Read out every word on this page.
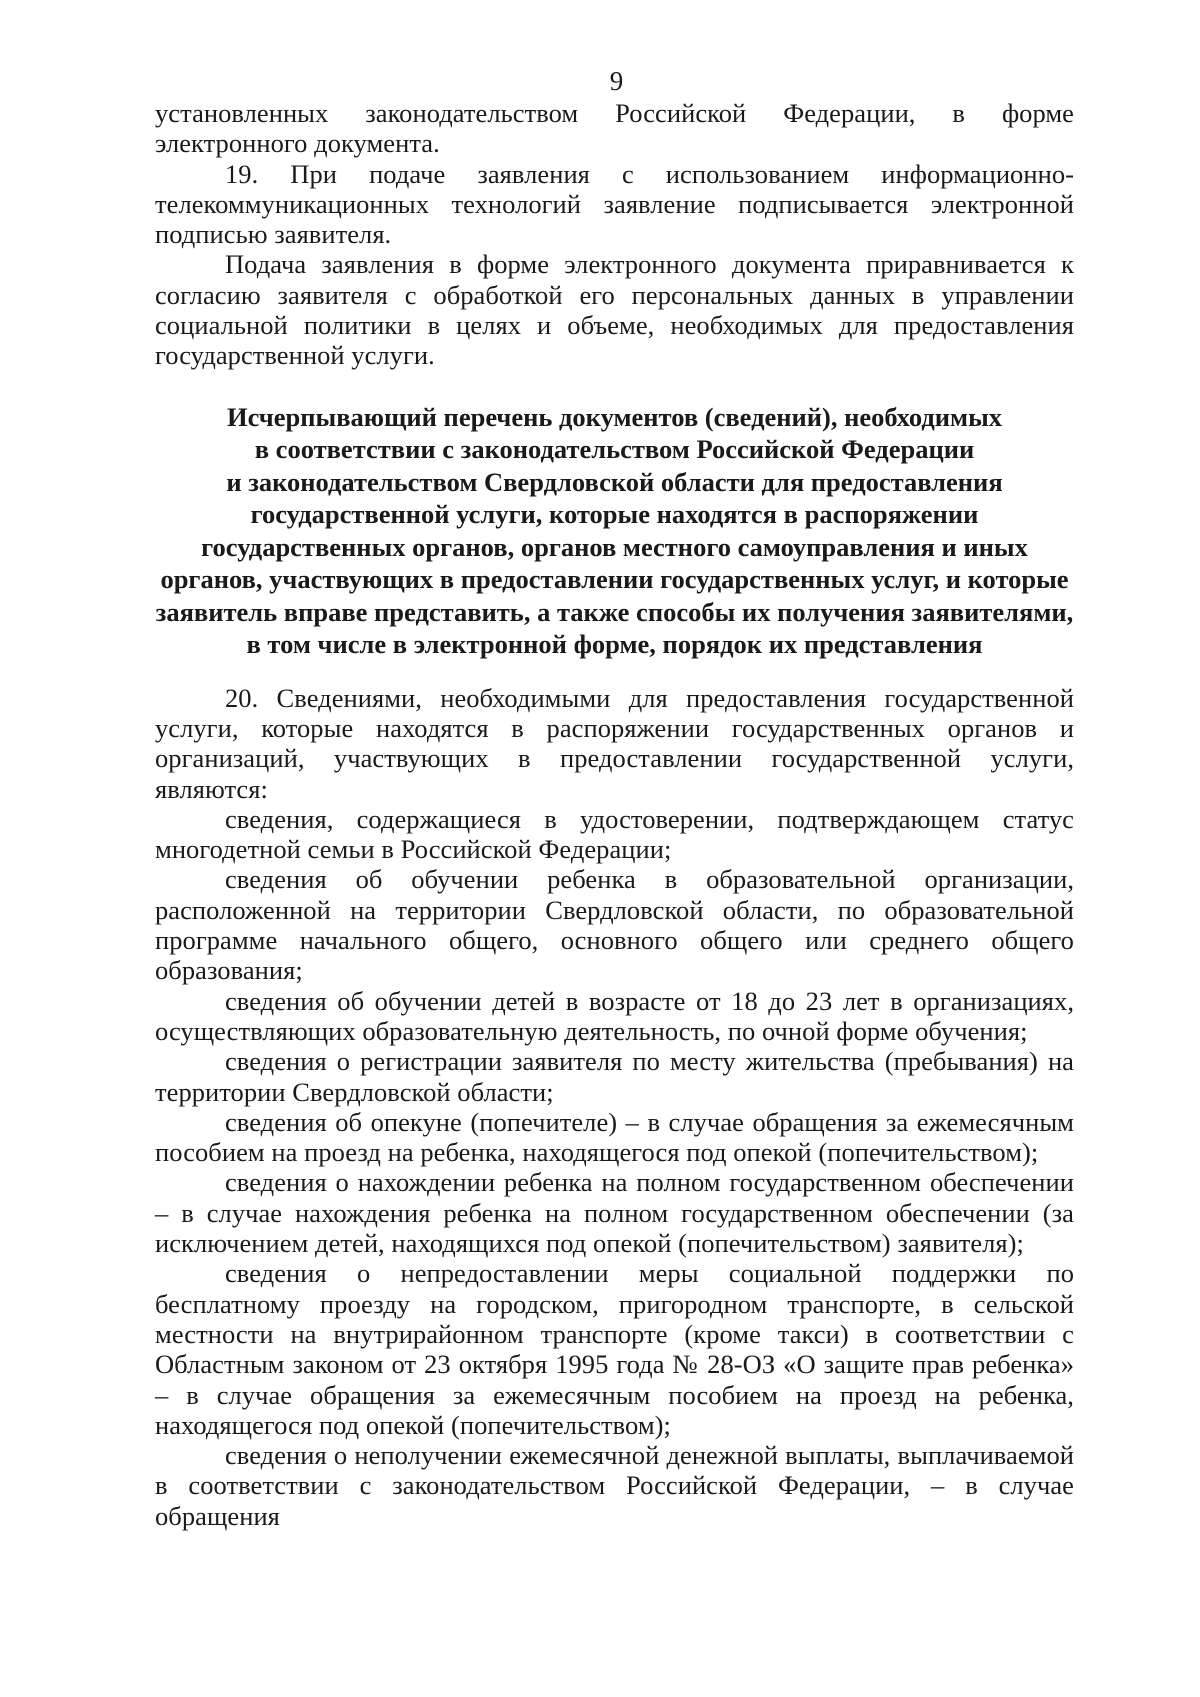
9

установленных законодательством Российской Федерации, в форме электронного документа.

19. При подаче заявления с использованием информационно-телекоммуникационных технологий заявление подписывается электронной подписью заявителя.

Подача заявления в форме электронного документа приравнивается к согласию заявителя с обработкой его персональных данных в управлении социальной политики в целях и объеме, необходимых для предоставления государственной услуги.

Исчерпывающий перечень документов (сведений), необходимых
в соответствии с законодательством Российской Федерации
и законодательством Свердловской области для предоставления
государственной услуги, которые находятся в распоряжении
государственных органов, органов местного самоуправления и иных
органов, участвующих в предоставлении государственных услуг, и которые
заявитель вправе представить, а также способы их получения заявителями,
в том числе в электронной форме, порядок их представления

20. Сведениями, необходимыми для предоставления государственной услуги, которые находятся в распоряжении государственных органов и организаций, участвующих в предоставлении государственной услуги, являются:

сведения, содержащиеся в удостоверении, подтверждающем статус многодетной семьи в Российской Федерации;

сведения об обучении ребенка в образовательной организации, расположенной на территории Свердловской области, по образовательной программе начального общего, основного общего или среднего общего образования;

сведения об обучении детей в возрасте от 18 до 23 лет в организациях, осуществляющих образовательную деятельность, по очной форме обучения;

сведения о регистрации заявителя по месту жительства (пребывания) на территории Свердловской области;

сведения об опекуне (попечителе) – в случае обращения за ежемесячным пособием на проезд на ребенка, находящегося под опекой (попечительством);

сведения о нахождении ребенка на полном государственном обеспечении – в случае нахождения ребенка на полном государственном обеспечении (за исключением детей, находящихся под опекой (попечительством) заявителя);

сведения о непредоставлении меры социальной поддержки по бесплатному проезду на городском, пригородном транспорте, в сельской местности на внутрирайонном транспорте (кроме такси) в соответствии с Областным законом от 23 октября 1995 года № 28-ОЗ «О защите прав ребенка» – в случае обращения за ежемесячным пособием на проезд на ребенка, находящегося под опекой (попечительством);

сведения о неполучении ежемесячной денежной выплаты, выплачиваемой в соответствии с законодательством Российской Федерации, – в случае обращения
